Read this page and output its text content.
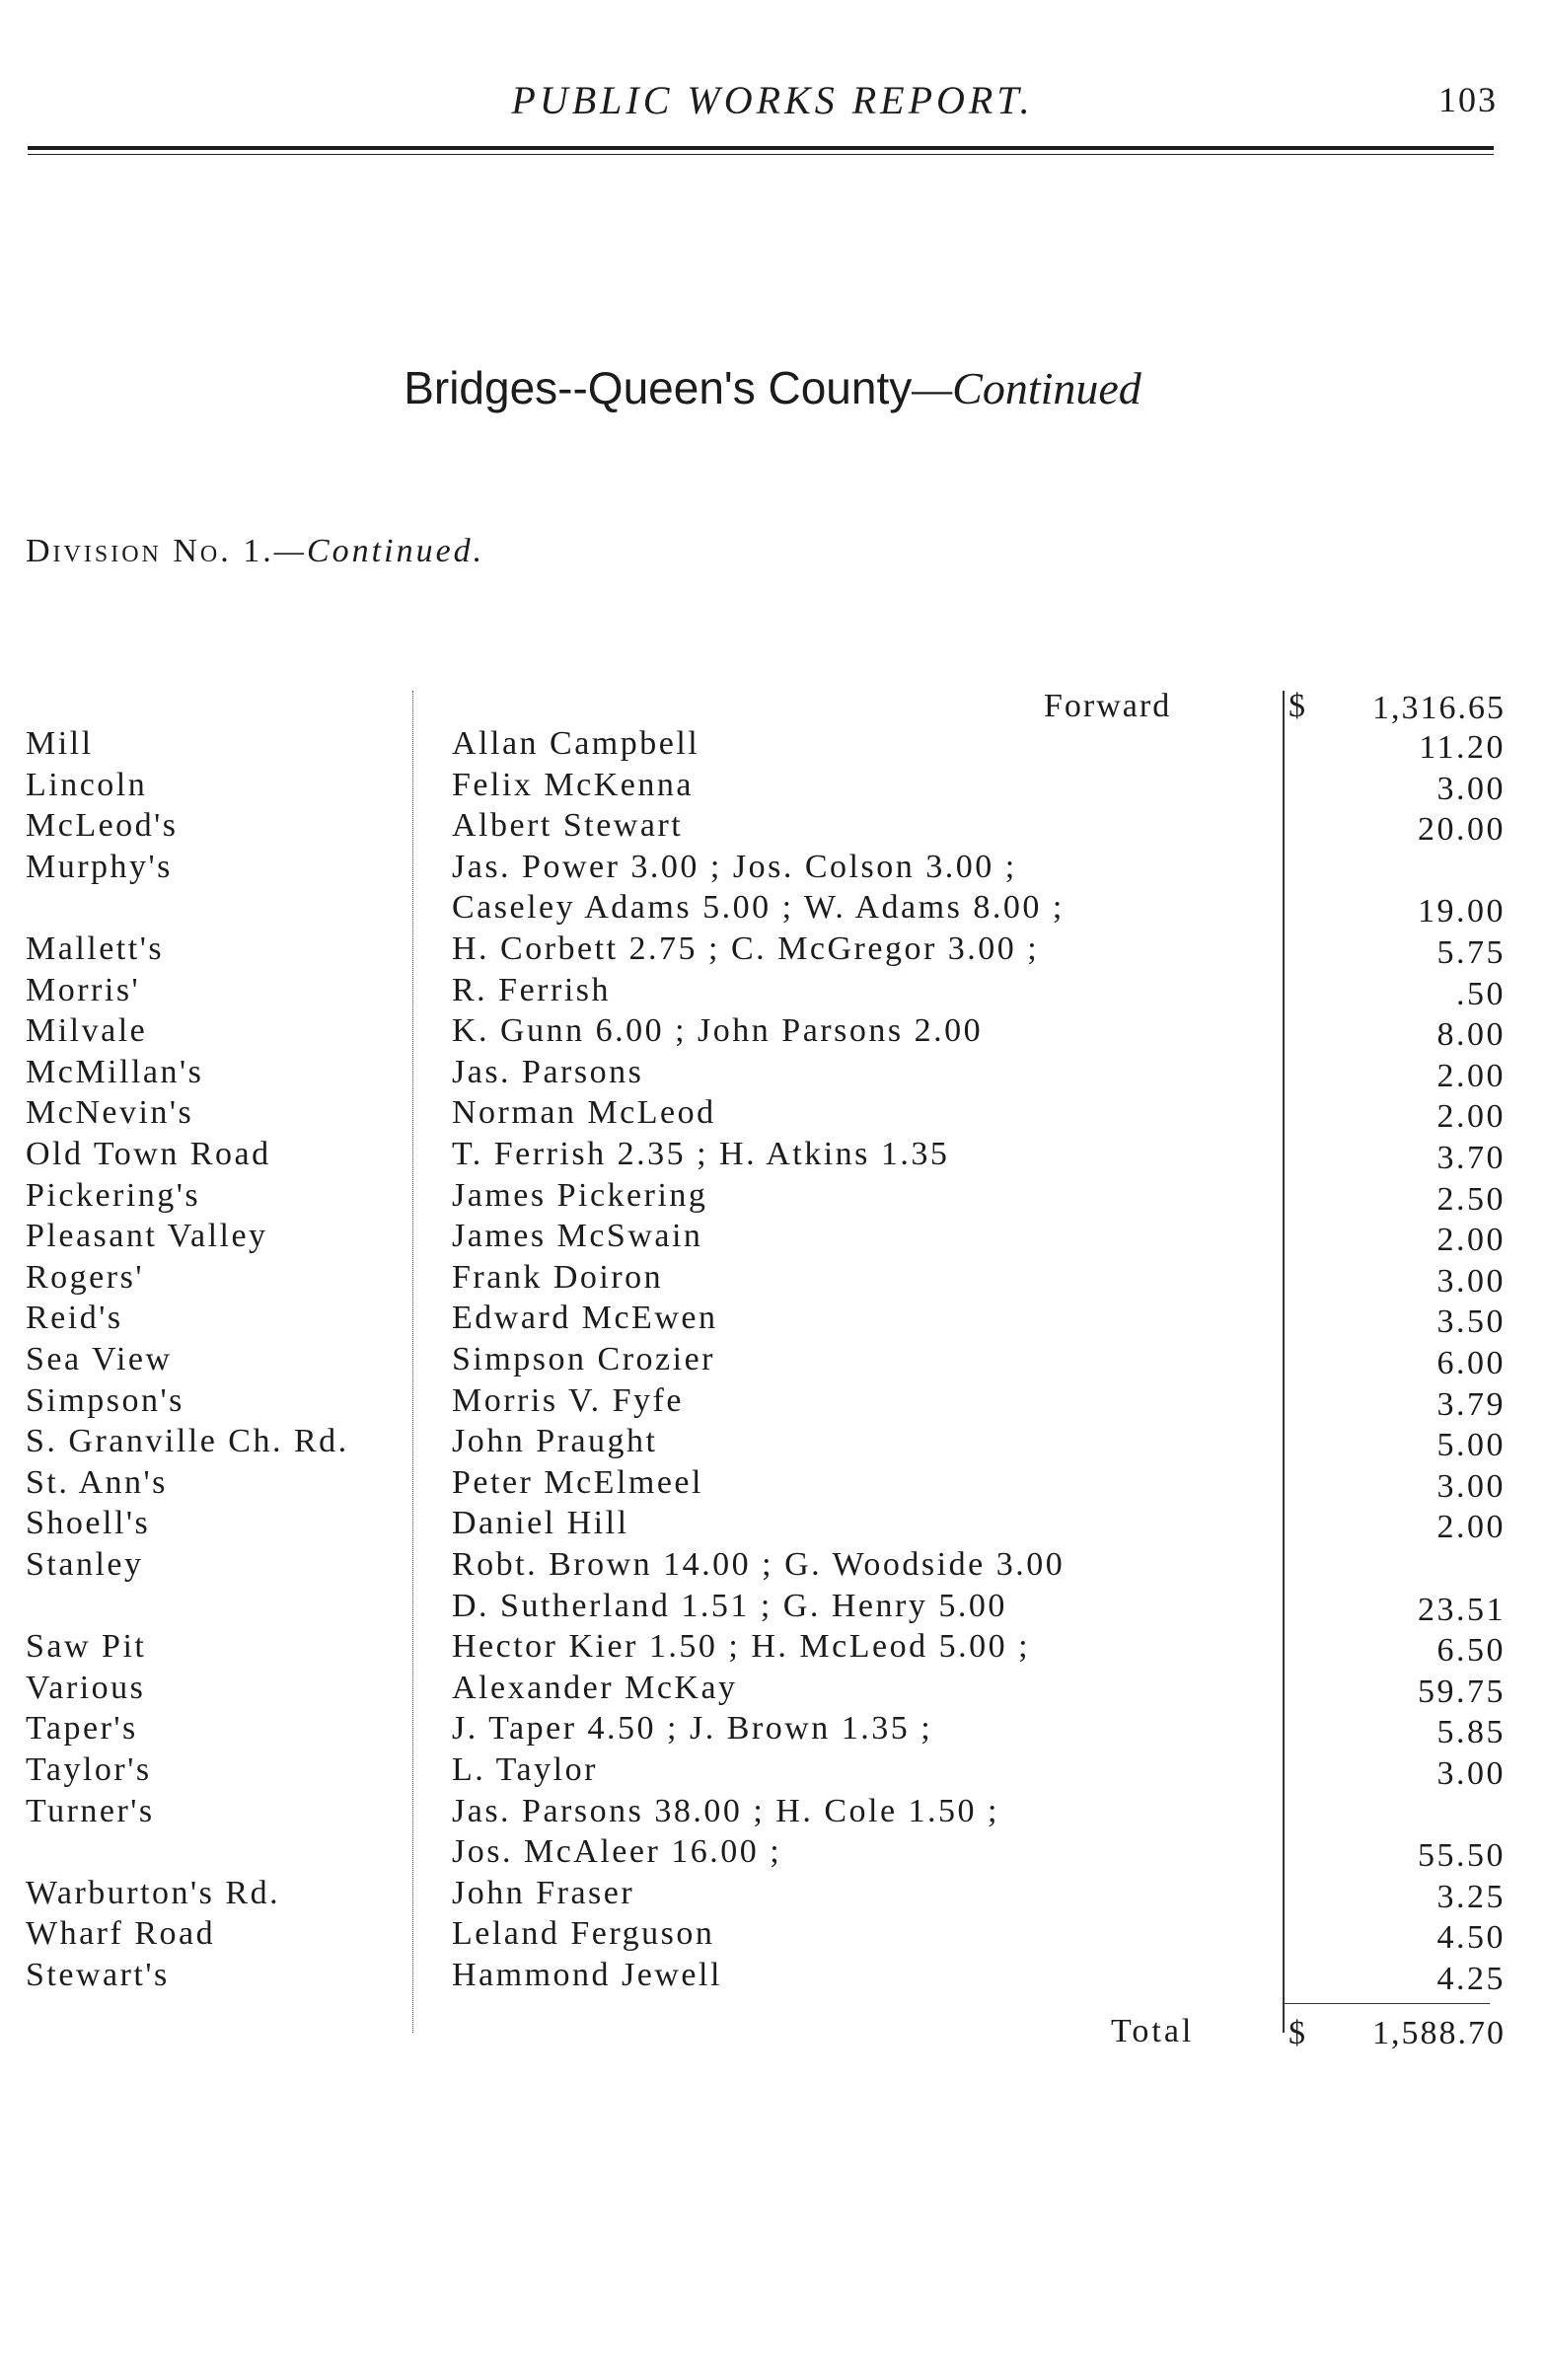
PUBLIC WORKS REPORT.	103
Bridges--Queen's County—Continued
Division No. 1.—Continued.
Forward	$ 1,316.65
Mill	Allan Campbell	11.20
Lincoln	Felix McKenna	3.00
McLeod's	Albert Stewart	20.00
Murphy's	Jas. Power 3.00 ; Jos. Colson 3.00 ;
Caseley Adams 5.00 ; W. Adams 8.00 ;	19.00
Mallett's	H. Corbett 2.75 ; C. McGregor 3.00 ;	5.75
Morris'	R. Ferrish	.50
Milvale	K. Gunn 6.00 ; John Parsons 2.00	8.00
McMillan's	Jas. Parsons	2.00
McNevin's	Norman McLeod	2.00
Old Town Road	T. Ferrish 2.35 ; H. Atkins 1.35	3.70
Pickering's	James Pickering	2.50
Pleasant Valley	James McSwain	2.00
Rogers'	Frank Doiron	3.00
Reid's	Edward McEwen	3.50
Sea View	Simpson Crozier	6.00
Simpson's	Morris V. Fyfe	3.79
S. Granville Ch. Rd.	John Praught	5.00
St. Ann's	Peter McElmeel	3.00
Shoell's	Daniel Hill	2.00
Stanley	Robt. Brown 14.00 ; G. Woodside 3.00
D. Sutherland 1.51 ; G. Henry 5.00	23.51
Saw Pit	Hector Kier 1.50 ; H. McLeod 5.00 ;	6.50
Various	Alexander McKay	59.75
Taper's	J. Taper 4.50 ; J. Brown 1.35 ;	5.85
Taylor's	L. Taylor	3.00
Turner's	Jas. Parsons 38.00 ; H. Cole 1.50 ;
Jos. McAleer 16.00 ;	55.50
Warburton's Rd.	John Fraser	3.25
Wharf Road	Leland Ferguson	4.50
Stewart's	Hammond Jewell	4.25
Total	$ 1,588.70
